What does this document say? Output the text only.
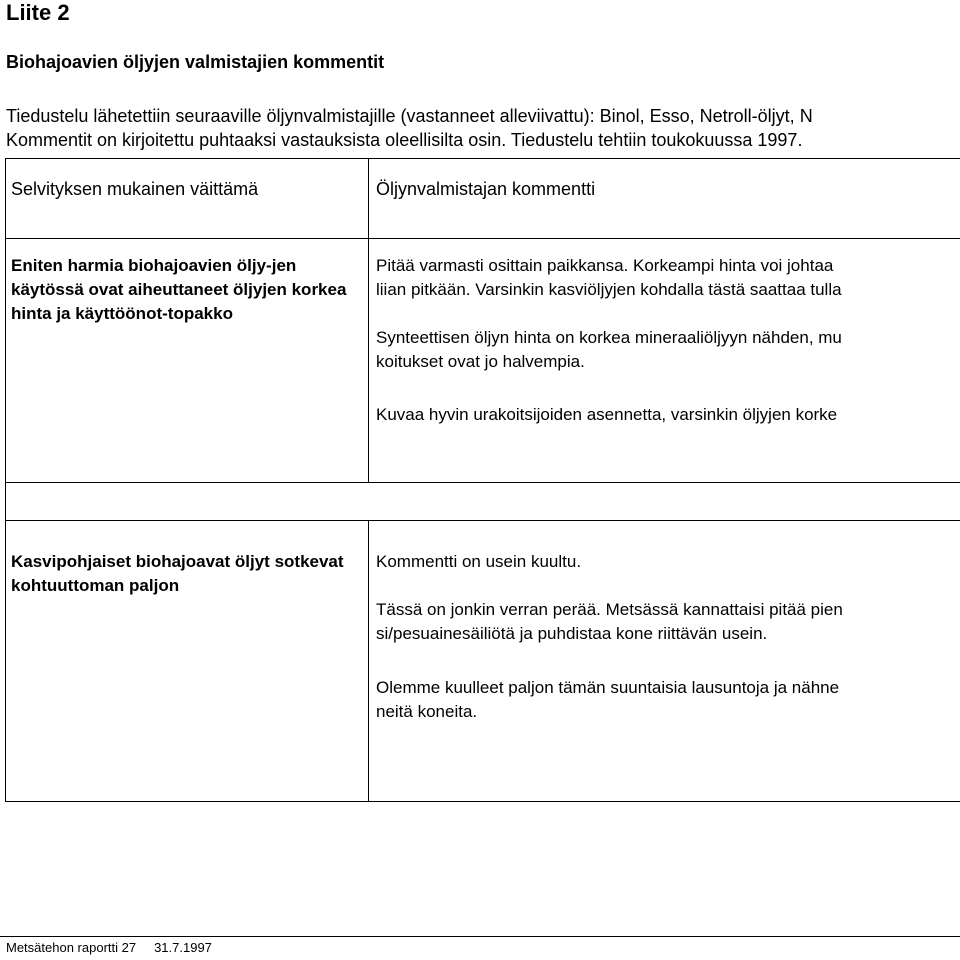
Liite 2
Biohajoavien öljyjen valmistajien kommentit
Tiedustelu lähetettiin seuraaville öljynvalmistajille (vastanneet alleviivattu): Binol, Esso, Netroll-öljyt, N
Kommentit on kirjoitettu puhtaaksi vastauksista oleellisilta osin. Tiedustelu tehtiin toukokuussa 1997.
Selvityksen mukainen väittämä	Öljynvalmistajan kommentti
Eniten harmia biohajoavien öljy-jen käytössä ovat aiheuttaneet öljyjen korkea hinta ja käyttöönot-topakko

Pitää varmasti osittain paikkansa. Korkeampi hinta voi johtaa

liian pitkään. Varsinkin kasviöljyjen kohdalla tästä saattaa tulla

Synteettisen öljyn hinta on korkea mineraaliöljyyn nähden, mu

koitukset ovat jo halvempia.

Kuvaa hyvin urakoitsijoiden asennetta, varsinkin öljyjen korke

Kasvipohjaiset biohajoavat öljyt sotkevat kohtuuttoman paljon

Kommentti on usein kuultu.

Tässä on jonkin verran perää. Metsässä kannattaisi pitää pien

si/pesuainesäiliötä ja puhdistaa kone riittävän usein.

Olemme kuulleet paljon tämän suuntaisia lausuntoja ja nähne

neitä koneita.

Metsätehon raportti 27 31.7.1997
